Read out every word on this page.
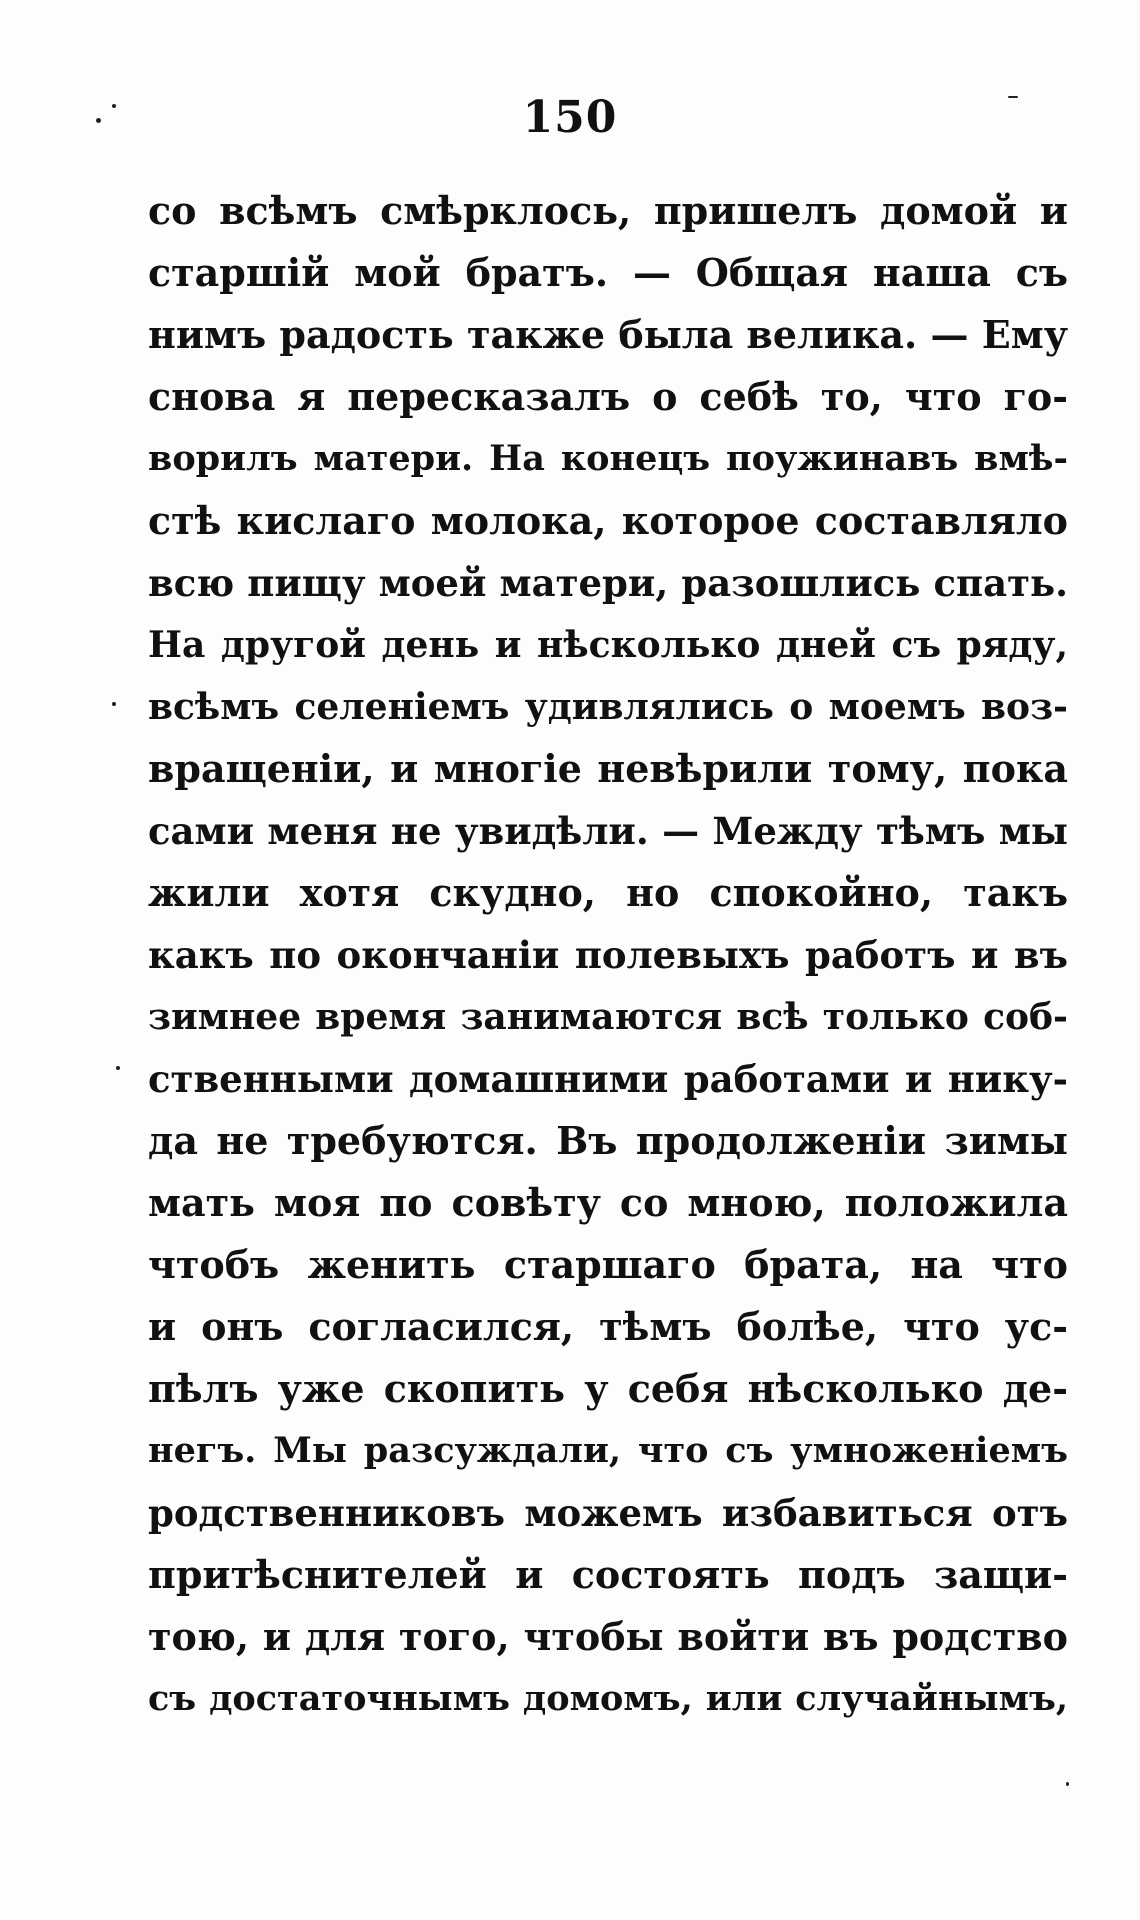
150
со всѣмъ смѣрклось, пришелъ домой и
старшій мой братъ. — Общая наша съ
нимъ радость также была велика. — Ему
снова я пересказалъ о себѣ то, что го-
ворилъ матери. На конецъ поужинавъ вмѣ-
стѣ кислаго молока, которое составляло
всю пищу моей матери, разошлись спать.
На другой день и нѣсколько дней съ ряду,
всѣмъ селеніемъ удивлялись о моемъ воз-
вращеніи, и многіе невѣрили тому, пока
сами меня не увидѣли. — Между тѣмъ мы
жили хотя скудно, но спокойно, такъ
какъ по окончаніи полевыхъ работъ и въ
зимнее время занимаются всѣ только соб-
ственными домашними работами и нику-
да не требуются. Въ продолженіи зимы
мать моя по совѣту со мною, положила
чтобъ женить старшаго брата, на что
и онъ согласился, тѣмъ болѣе, что ус-
пѣлъ уже скопить у себя нѣсколько де-
негъ. Мы разсуждали, что съ умноженіемъ
родственниковъ можемъ избавиться отъ
притѣснителей и состоять подъ защи-
тою, и для того, чтобы войти въ родство
съ достаточнымъ домомъ, или случайнымъ,
